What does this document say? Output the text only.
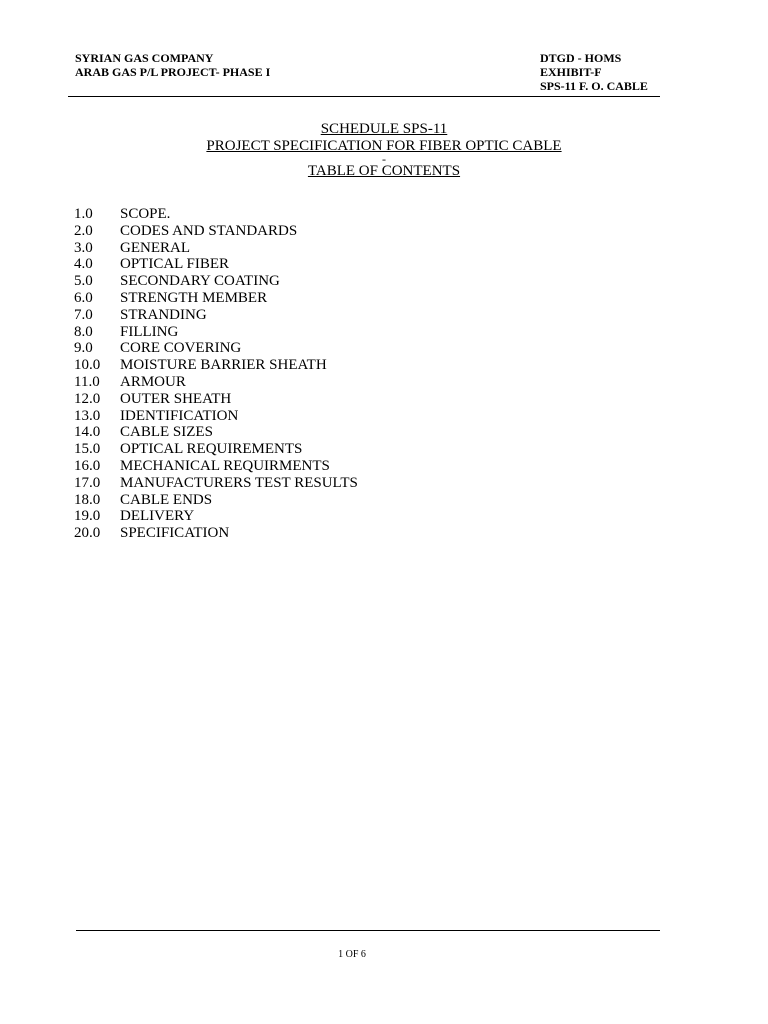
SYRIAN GAS COMPANY
ARAB GAS P/L PROJECT- PHASE I
DTGD - HOMS
EXHIBIT-F
SPS-11 F. O. CABLE
SCHEDULE SPS-11
PROJECT SPECIFICATION FOR FIBER OPTIC CABLE
-
TABLE OF CONTENTS
1.0	SCOPE.
2.0	CODES AND STANDARDS
3.0	GENERAL
4.0	OPTICAL FIBER
5.0	SECONDARY COATING
6.0	STRENGTH MEMBER
7.0	STRANDING
8.0	FILLING
9.0	CORE COVERING
10.0	MOISTURE BARRIER SHEATH
11.0	ARMOUR
12.0	OUTER SHEATH
13.0	IDENTIFICATION
14.0	CABLE SIZES
15.0	OPTICAL REQUIREMENTS
16.0	MECHANICAL REQUIRMENTS
17.0	MANUFACTURERS TEST RESULTS
18.0	CABLE ENDS
19.0	DELIVERY
20.0	SPECIFICATION
1 OF 6
